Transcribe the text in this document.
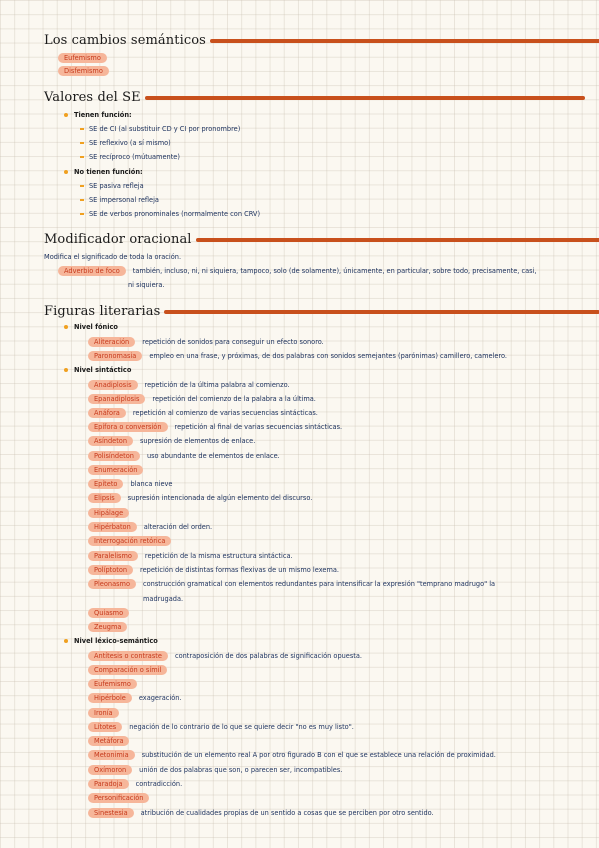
Los cambios semánticos
Eufemismo
Disfemismo
Valores del SE
Tienen función:
SE de CI (al substituir CD y CI por pronombre)
SE reflexivo (a sí mismo)
SE recíproco (mútuamente)
No tienen función:
SE pasiva refleja
SE impersonal refleja
SE de verbos pronominales (normalmente con CRV)
Modificador oracional
Modifica el significado de toda la oración.
Adverbio de foco también, incluso, ni, ni siquiera, tampoco, solo (de solamente), únicamente, en particular, sobre todo, precisamente, casi,
ni siquiera.
Figuras literarias
Nivel fónico
Aliteración repetición de sonidos para conseguir un efecto sonoro.
Paronomasia empleo en una frase, y próximas, de dos palabras con sonidos semejantes (parónimas) camillero, camelero.
Nivel sintáctico
Anadiplosis repetición de la última palabra al comienzo.
Epanadiplosis repetición del comienzo de la palabra a la última.
Anáfora repetición al comienzo de varias secuencias sintácticas.
Epífora o conversión repetición al final de varias secuencias sintácticas.
Asíndeton supresión de elementos de enlace.
Polisíndeton uso abundante de elementos de enlace.
Enumeración
Epíteto blanca nieve
Elipsis supresión intencionada de algún elemento del discurso.
Hipálage
Hipérbaton alteración del orden.
Interrogación retórica
Paralelismo repetición de la misma estructura sintáctica.
Políptoton repetición de distintas formas flexivas de un mismo lexema.
Pleonasmo construcción gramatical con elementos redundantes para intensificar la expresión "temprano madrugo" la
madrugada.
Quiasmo
Zeugma
Nivel léxico-semántico
Antítesis o contraste contraposición de dos palabras de significación opuesta.
Comparación o símil
Eufemismo
Hipérbole exageración.
Ironía
Lítotes negación de lo contrario de lo que se quiere decir "no es muy listo".
Metáfora
Metonimia substitución de un elemento real A por otro figurado B con el que se establece una relación de proximidad.
Oxímoron unión de dos palabras que son, o parecen ser, incompatibles.
Paradoja contradicción.
Personificación
Sinestesia atribución de cualidades propias de un sentido a cosas que se perciben por otro sentido.
